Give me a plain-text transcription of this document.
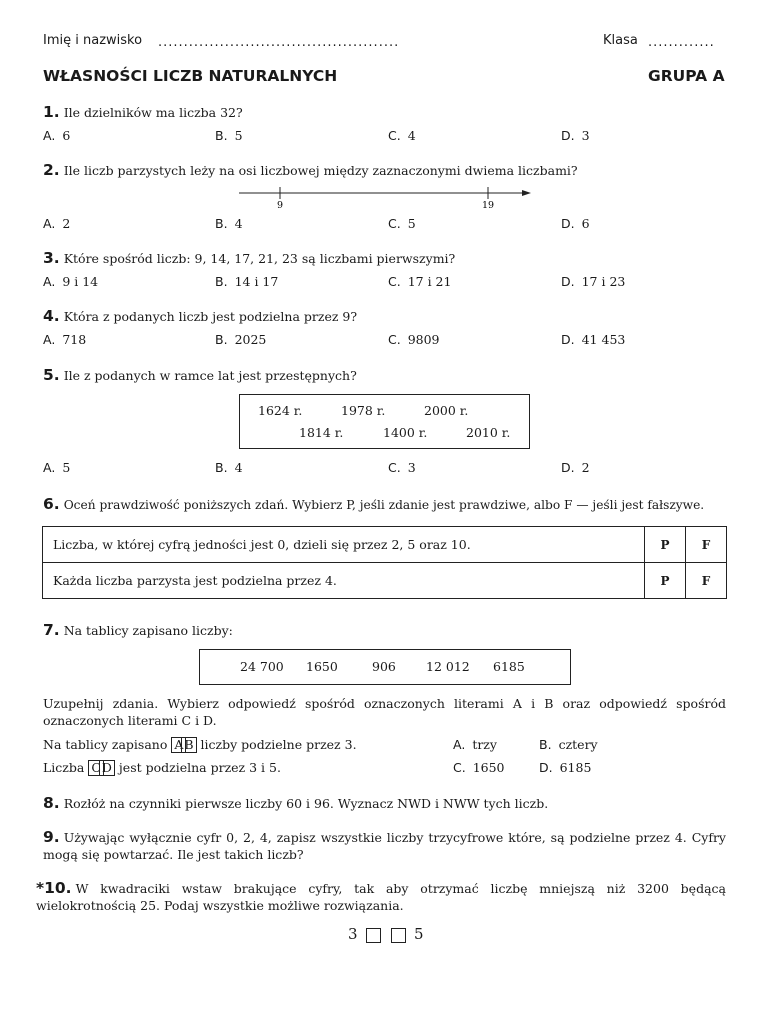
Imię i nazwisko ...............................................	Klasa .............
WŁASNOŚCI LICZB NATURALNYCH	GRUPA A
1. Ile dzielników ma liczba 32?
A. 6	B. 5	C. 4	D. 3
2. Ile liczb parzystych leży na osi liczbowej między zaznaczonymi dwiema liczbami?
9	19
A. 2	B. 4	C. 5	D. 6
3. Które spośród liczb: 9, 14, 17, 21, 23 są liczbami pierwszymi?
A. 9 i 14	B. 14 i 17	C. 17 i 21	D. 17 i 23
4. Która z podanych liczb jest podzielna przez 9?
A. 718	B. 2025	C. 9809	D. 41 453
5. Ile z podanych w ramce lat jest przestępnych?
1624 r.	1978 r.	2000 r.
1814 r.	1400 r.	2010 r.
A. 5	B. 4	C. 3	D. 2
6. Oceń prawdziwość poniższych zdań. Wybierz P, jeśli zdanie jest prawdziwe, albo F — jeśli jest fałszywe.
Liczba, w której cyfrą jedności jest 0, dzieli się przez 2, 5 oraz 10.	P	F
Każda liczba parzysta jest podzielna przez 4.	P	F
7. Na tablicy zapisano liczby:
24 700 1650	906 12 012 6185
Uzupełnij zdania. Wybierz odpowiedź spośród oznaczonych literami A i B oraz odpowiedź spośród oznaczonych literami C i D.
Na tablicy zapisano AB liczby podzielne przez 3.	A. trzy	B. cztery
Liczba CD jest podzielna przez 3 i 5.	C. 1650	D. 6185
8. Rozłóż na czynniki pierwsze liczby 60 i 96. Wyznacz NWD i NWW tych liczb.
9. Używając wyłącznie cyfr 0, 2, 4, zapisz wszystkie liczby trzycyfrowe które, są podzielne przez 4. Cyfry mogą się powtarzać. Ile jest takich liczb?
*10. W kwadraciki wstaw brakujące cyfry, tak aby otrzymać liczbę mniejszą niż 3200 będącą wielokrotnością 25. Podaj wszystkie możliwe rozwiązania.
3	5
